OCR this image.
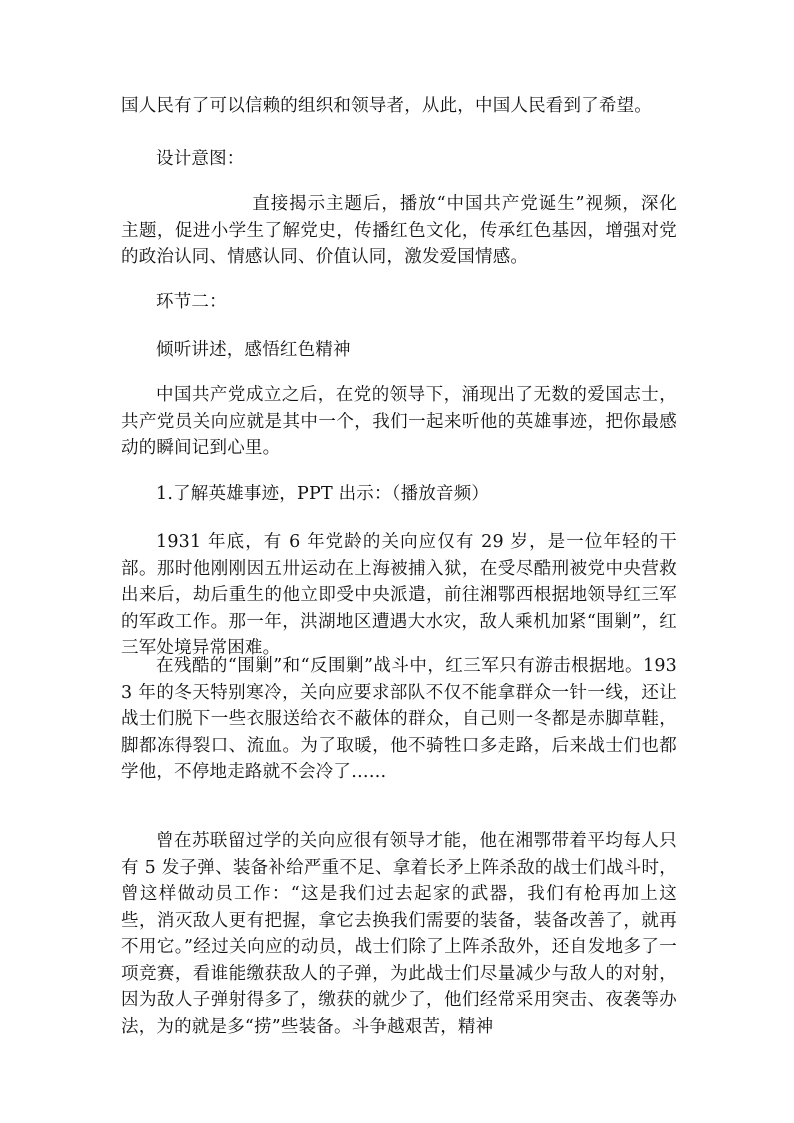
国人民有了可以信赖的组织和领导者，从此，中国人民看到了希望。

设计意图：

直接揭示主题后，播放“中国共产党诞生”视频，深化主题，促进小学生了解党史，传播红色文化，传承红色基因，增强对党的政治认同、情感认同、价值认同，激发爱国情感。

环节二：

倾听讲述，感悟红色精神

中国共产党成立之后，在党的领导下，涌现出了无数的爱国志士，共产党员关向应就是其中一个，我们一起来听他的英雄事迹，把你最感动的瞬间记到心里。

1.了解英雄事迹，PPT 出示：（播放音频）

1931 年底，有 6 年党龄的关向应仅有 29 岁，是一位年轻的干部。那时他刚刚因五卅运动在上海被捕入狱，在受尽酷刑被党中央营救出来后，劫后重生的他立即受中央派遣，前往湘鄂西根据地领导红三军的军政工作。那一年，洪湖地区遭遇大水灾，敌人乘机加紧“围剿”，红三军处境异常困难。

在残酷的“围剿”和“反围剿”战斗中，红三军只有游击根据地。1933 年的冬天特别寒冷，关向应要求部队不仅不能拿群众一针一线，还让战士们脱下一些衣服送给衣不蔽体的群众，自己则一冬都是赤脚草鞋，脚都冻得裂口、流血。为了取暖，他不骑牲口多走路，后来战士们也都学他，不停地走路就不会冷了……

曾在苏联留过学的关向应很有领导才能，他在湘鄂带着平均每人只有 5 发子弹、装备补给严重不足、拿着长矛上阵杀敌的战士们战斗时，曾这样做动员工作：“这是我们过去起家的武器，我们有枪再加上这些，消灭敌人更有把握，拿它去换我们需要的装备，装备改善了，就再不用它。”经过关向应的动员，战士们除了上阵杀敌外，还自发地多了一项竞赛，看谁能缴获敌人的子弹，为此战士们尽量减少与敌人的对射，因为敌人子弹射得多了，缴获的就少了，他们经常采用突击、夜袭等办法，为的就是多“捞”些装备。斗争越艰苦，精神
